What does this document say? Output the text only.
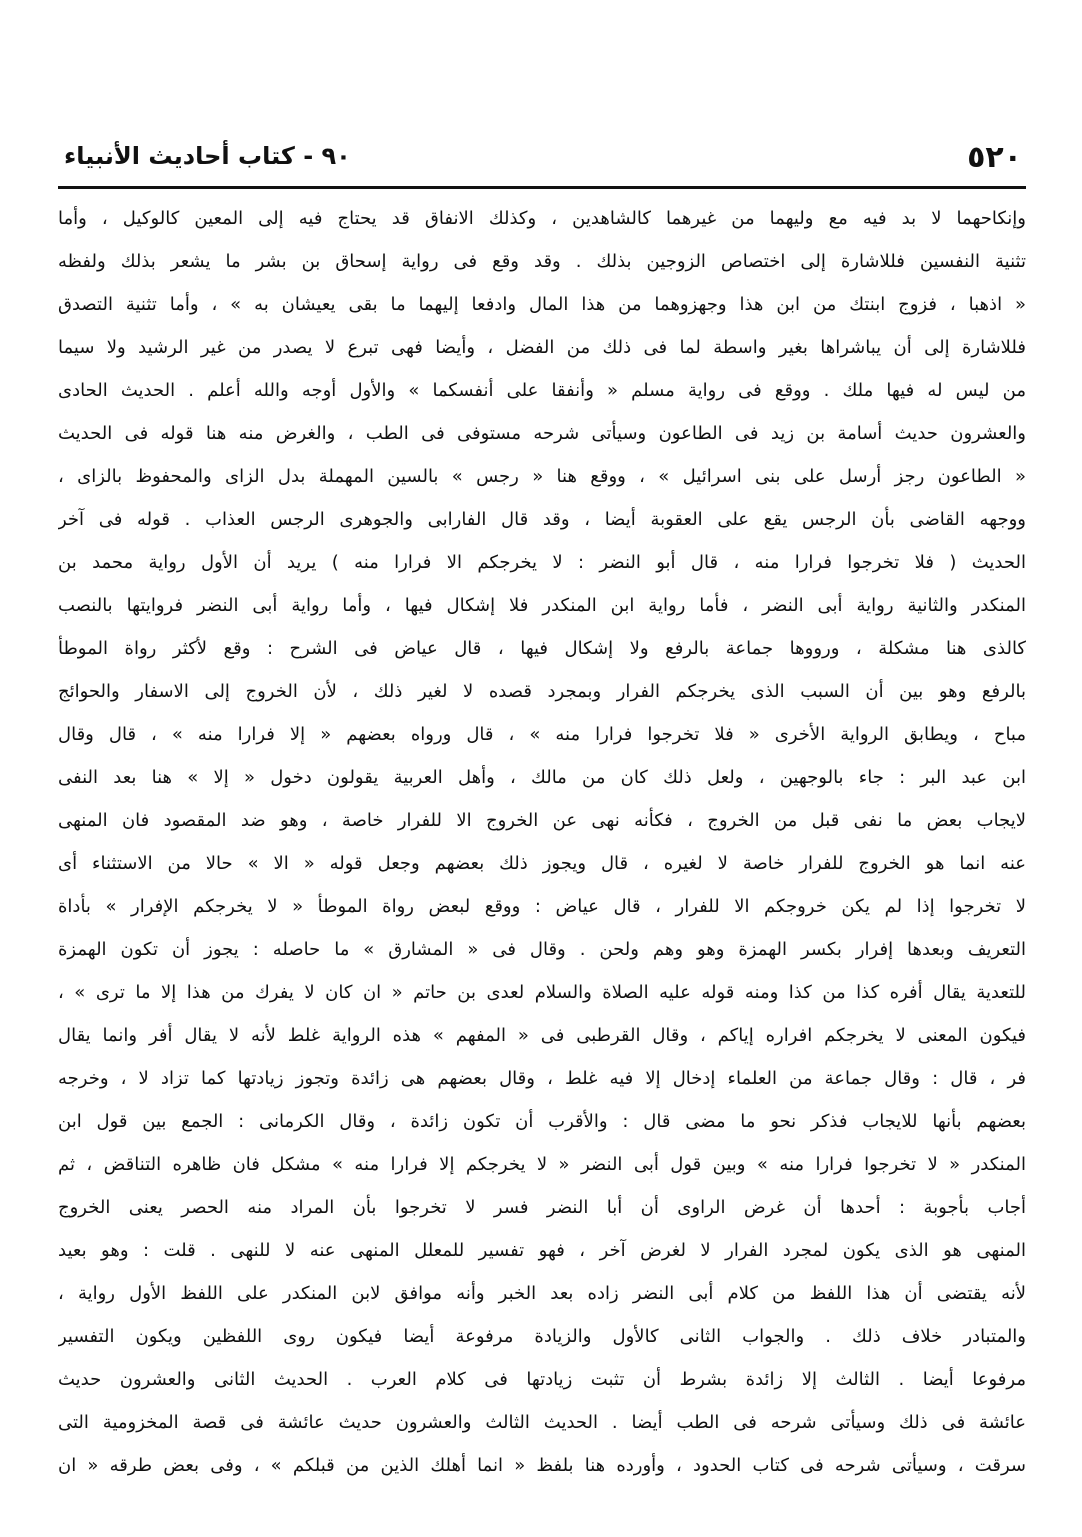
٥٢٠
٩٠ - كتاب أحاديث الأنبياء
وإنكاحهما لا بد فيه مع وليهما من غيرهما كالشاهدين ، وكذلك الانفاق قد يحتاج فيه إلى المعين كالوكيل ، وأما
تثنية النفسين فللاشارة إلى اختصاص الزوجين بذلك . وقد وقع فى رواية إسحاق بن بشر ما يشعر بذلك ولفظه
« اذهبا ، فزوج ابنتك من ابن هذا وجهزوهما من هذا المال وادفعا إليهما ما بقى يعيشان به » ، وأما تثنية التصدق
فللاشارة إلى أن يباشراها بغير واسطة لما فى ذلك من الفضل ، وأيضا فهى تبرع لا يصدر من غير الرشيد ولا سيما
من ليس له فيها ملك . ووقع فى رواية مسلم « وأنفقا على أنفسكما » والأول أوجه والله أعلم . الحديث الحادى
والعشرون حديث أسامة بن زيد فى الطاعون وسيأتى شرحه مستوفى فى الطب ، والغرض منه هنا قوله فى الحديث
« الطاعون رجز أرسل على بنى اسرائيل » ، ووقع هنا « رجس » بالسين المهملة بدل الزاى والمحفوظ بالزاى ،
ووجهه القاضى بأن الرجس يقع على العقوبة أيضا ، وقد قال الفارابى والجوهرى الرجس العذاب . قوله فى آخر
الحديث ( فلا تخرجوا فرارا منه ، قال أبو النضر : لا يخرجكم الا فرارا منه ) يريد أن الأول رواية محمد بن
المنكدر والثانية رواية أبى النضر ، فأما رواية ابن المنكدر فلا إشكال فيها ، وأما رواية أبى النضر فروايتها بالنصب
كالذى هنا مشكلة ، ورووها جماعة بالرفع ولا إشكال فيها ، قال عياض فى الشرح : وقع لأكثر رواة الموطأ
بالرفع وهو بين أن السبب الذى يخرجكم الفرار وبمجرد قصده لا لغير ذلك ، لأن الخروج إلى الاسفار والحوائج
مباح ، ويطابق الرواية الأخرى « فلا تخرجوا فرارا منه » ، قال ورواه بعضهم « إلا فرارا منه » ، قال وقال
ابن عبد البر : جاء بالوجهين ، ولعل ذلك كان من مالك ، وأهل العربية يقولون دخول « إلا » هنا بعد النفى
لايجاب بعض ما نفى قبل من الخروج ، فكأنه نهى عن الخروج الا للفرار خاصة ، وهو ضد المقصود فان المنهى
عنه انما هو الخروج للفرار خاصة لا لغيره ، قال ويجوز ذلك بعضهم وجعل قوله « الا » حالا من الاستثناء أى
لا تخرجوا إذا لم يكن خروجكم الا للفرار ، قال عياض : ووقع لبعض رواة الموطأ « لا يخرجكم الإفرار » بأداة
التعريف وبعدها إفرار بكسر الهمزة وهو وهم ولحن . وقال فى « المشارق » ما حاصله : يجوز أن تكون الهمزة
للتعدية يقال أفره كذا من كذا ومنه قوله عليه الصلاة والسلام لعدى بن حاتم « ان كان لا يفرك من هذا إلا ما ترى » ،
فيكون المعنى لا يخرجكم افراره إياكم ، وقال القرطبى فى « المفهم » هذه الرواية غلط لأنه لا يقال أفر وانما يقال
فر ، قال : وقال جماعة من العلماء إدخال إلا فيه غلط ، وقال بعضهم هى زائدة وتجوز زيادتها كما تزاد لا ، وخرجه
بعضهم بأنها للايجاب فذكر نحو ما مضى قال : والأقرب أن تكون زائدة ، وقال الكرمانى : الجمع بين قول ابن
المنكدر « لا تخرجوا فرارا منه » وبين قول أبى النضر « لا يخرجكم إلا فرارا منه » مشكل فان ظاهره التناقض ، ثم
أجاب بأجوبة : أحدها أن غرض الراوى أن أبا النضر فسر لا تخرجوا بأن المراد منه الحصر يعنى الخروج
المنهى هو الذى يكون لمجرد الفرار لا لغرض آخر ، فهو تفسير للمعلل المنهى عنه لا للنهى . قلت : وهو بعيد
لأنه يقتضى أن هذا اللفظ من كلام أبى النضر زاده بعد الخبر وأنه موافق لابن المنكدر على اللفظ الأول رواية ،
والمتبادر خلاف ذلك . والجواب الثانى كالأول والزيادة مرفوعة أيضا فيكون روى اللفظين ويكون التفسير
مرفوعا أيضا . الثالث إلا زائدة بشرط أن تثبت زيادتها فى كلام العرب . الحديث الثانى والعشرون حديث
عائشة فى ذلك وسيأتى شرحه فى الطب أيضا . الحديث الثالث والعشرون حديث عائشة فى قصة المخزومية التى
سرقت ، وسيأتى شرحه فى كتاب الحدود ، وأورده هنا بلفظ « انما أهلك الذين من قبلكم » ، وفى بعض طرقه « ان
